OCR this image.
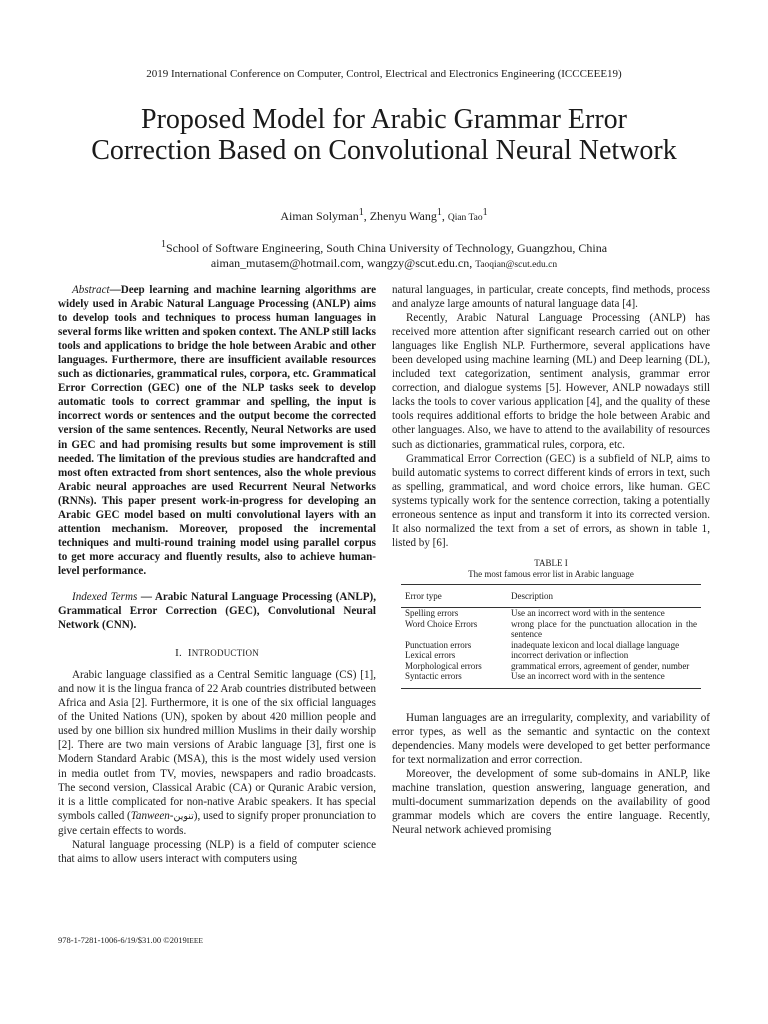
2019 International Conference on Computer, Control, Electrical and Electronics Engineering (ICCCEEE19)
Proposed Model for Arabic Grammar Error Correction Based on Convolutional Neural Network
Aiman Solyman$^1$, Zhenyu Wang$^1$, Qian Tao$^1$
$^1$School of Software Engineering, South China University of Technology, Guangzhou, China
aiman_mutasem@hotmail.com, wangzy@scut.edu.cn, Taoqian@scut.edu.cn

Abstract—Deep learning and machine learning algorithms are widely used in Arabic Natural Language Processing (ANLP) aims to develop tools and techniques to process human languages in several forms like written and spoken context. The ANLP still lacks tools and applications to bridge the hole between Arabic and other languages. Furthermore, there are insufficient available resources such as dictionaries, grammatical rules, corpora, etc. Grammatical Error Correction (GEC) one of the NLP tasks seek to develop automatic tools to correct grammar and spelling, the input is incorrect words or sentences and the output become the corrected version of the same sentences. Recently, Neural Networks are used in GEC and had promising results but some improvement is still needed. The limitation of the previous studies are handcrafted and most often extracted from short sentences, also the whole previous Arabic neural approaches are used Recurrent Neural Networks (RNNs). This paper present work-in-progress for developing an Arabic GEC model based on multi convolutional layers with an attention mechanism. Moreover, proposed the incremental techniques and multi-round training model using parallel corpus to get more accuracy and fluently results, also to achieve human-level performance.

Indexed Terms — Arabic Natural Language Processing (ANLP), Grammatical Error Correction (GEC), Convolutional Neural Network (CNN).

I. INTRODUCTION

Arabic language classified as a Central Semitic language (CS) [1], and now it is the lingua franca of 22 Arab countries distributed between Africa and Asia [2]. Furthermore, it is one of the six official languages of the United Nations (UN), spoken by about 420 million people and used by one billion six hundred million Muslims in their daily worship [2]. There are two main versions of Arabic language [3], first one is Modern Standard Arabic (MSA), this is the most widely used version in media outlet from TV, movies, newspapers and radio broadcasts. The second version, Classical Arabic (CA) or Quranic Arabic version, it is a little complicated for non-native Arabic speakers. It has special symbols called (Tanween-تنوين), used to signify proper pronunciation to give certain effects to words.

Natural language processing (NLP) is a field of computer science that aims to allow users interact with computers using

natural languages, in particular, create concepts, find methods, process and analyze large amounts of natural language data [4].

Recently, Arabic Natural Language Processing (ANLP) has received more attention after significant research carried out on other languages like English NLP. Furthermore, several applications have been developed using machine learning (ML) and Deep learning (DL), included text categorization, sentiment analysis, grammar error correction, and dialogue systems [5]. However, ANLP nowadays still lacks the tools to cover various application [4], and the quality of these tools requires additional efforts to bridge the hole between Arabic and other languages. Also, we have to attend to the availability of resources such as dictionaries, grammatical rules, corpora, etc.

Grammatical Error Correction (GEC) is a subfield of NLP, aims to build automatic systems to correct different kinds of errors in text, such as spelling, grammatical, and word choice errors, like human. GEC systems typically work for the sentence correction, taking a potentially erroneous sentence as input and transform it into its corrected version. It also normalized the text from a set of errors, as shown in table 1, listed by [6].

TABLE I
The most famous error list in Arabic language

Error type	Description
Spelling errors	Use an incorrect word with in the sentence
Word Choice Errors	wrong place for the punctuation allocation in the sentence
Punctuation errors	inadequate lexicon and local diallage language
Lexical errors	incorrect derivation or inflection
Morphological errors	grammatical errors, agreement of gender, number
Syntactic errors	Use an incorrect word with in the sentence

Human languages are an irregularity, complexity, and variability of error types, as well as the semantic and syntactic on the context dependencies. Many models were developed to get better performance for text normalization and error correction.

Moreover, the development of some sub-domains in ANLP, like machine translation, question answering, language generation, and multi-document summarization depends on the availability of good grammar models which are covers the entire language. Recently, Neural network achieved promising

978-1-7281-1006-6/19/$31.00 ©2019IEEE
